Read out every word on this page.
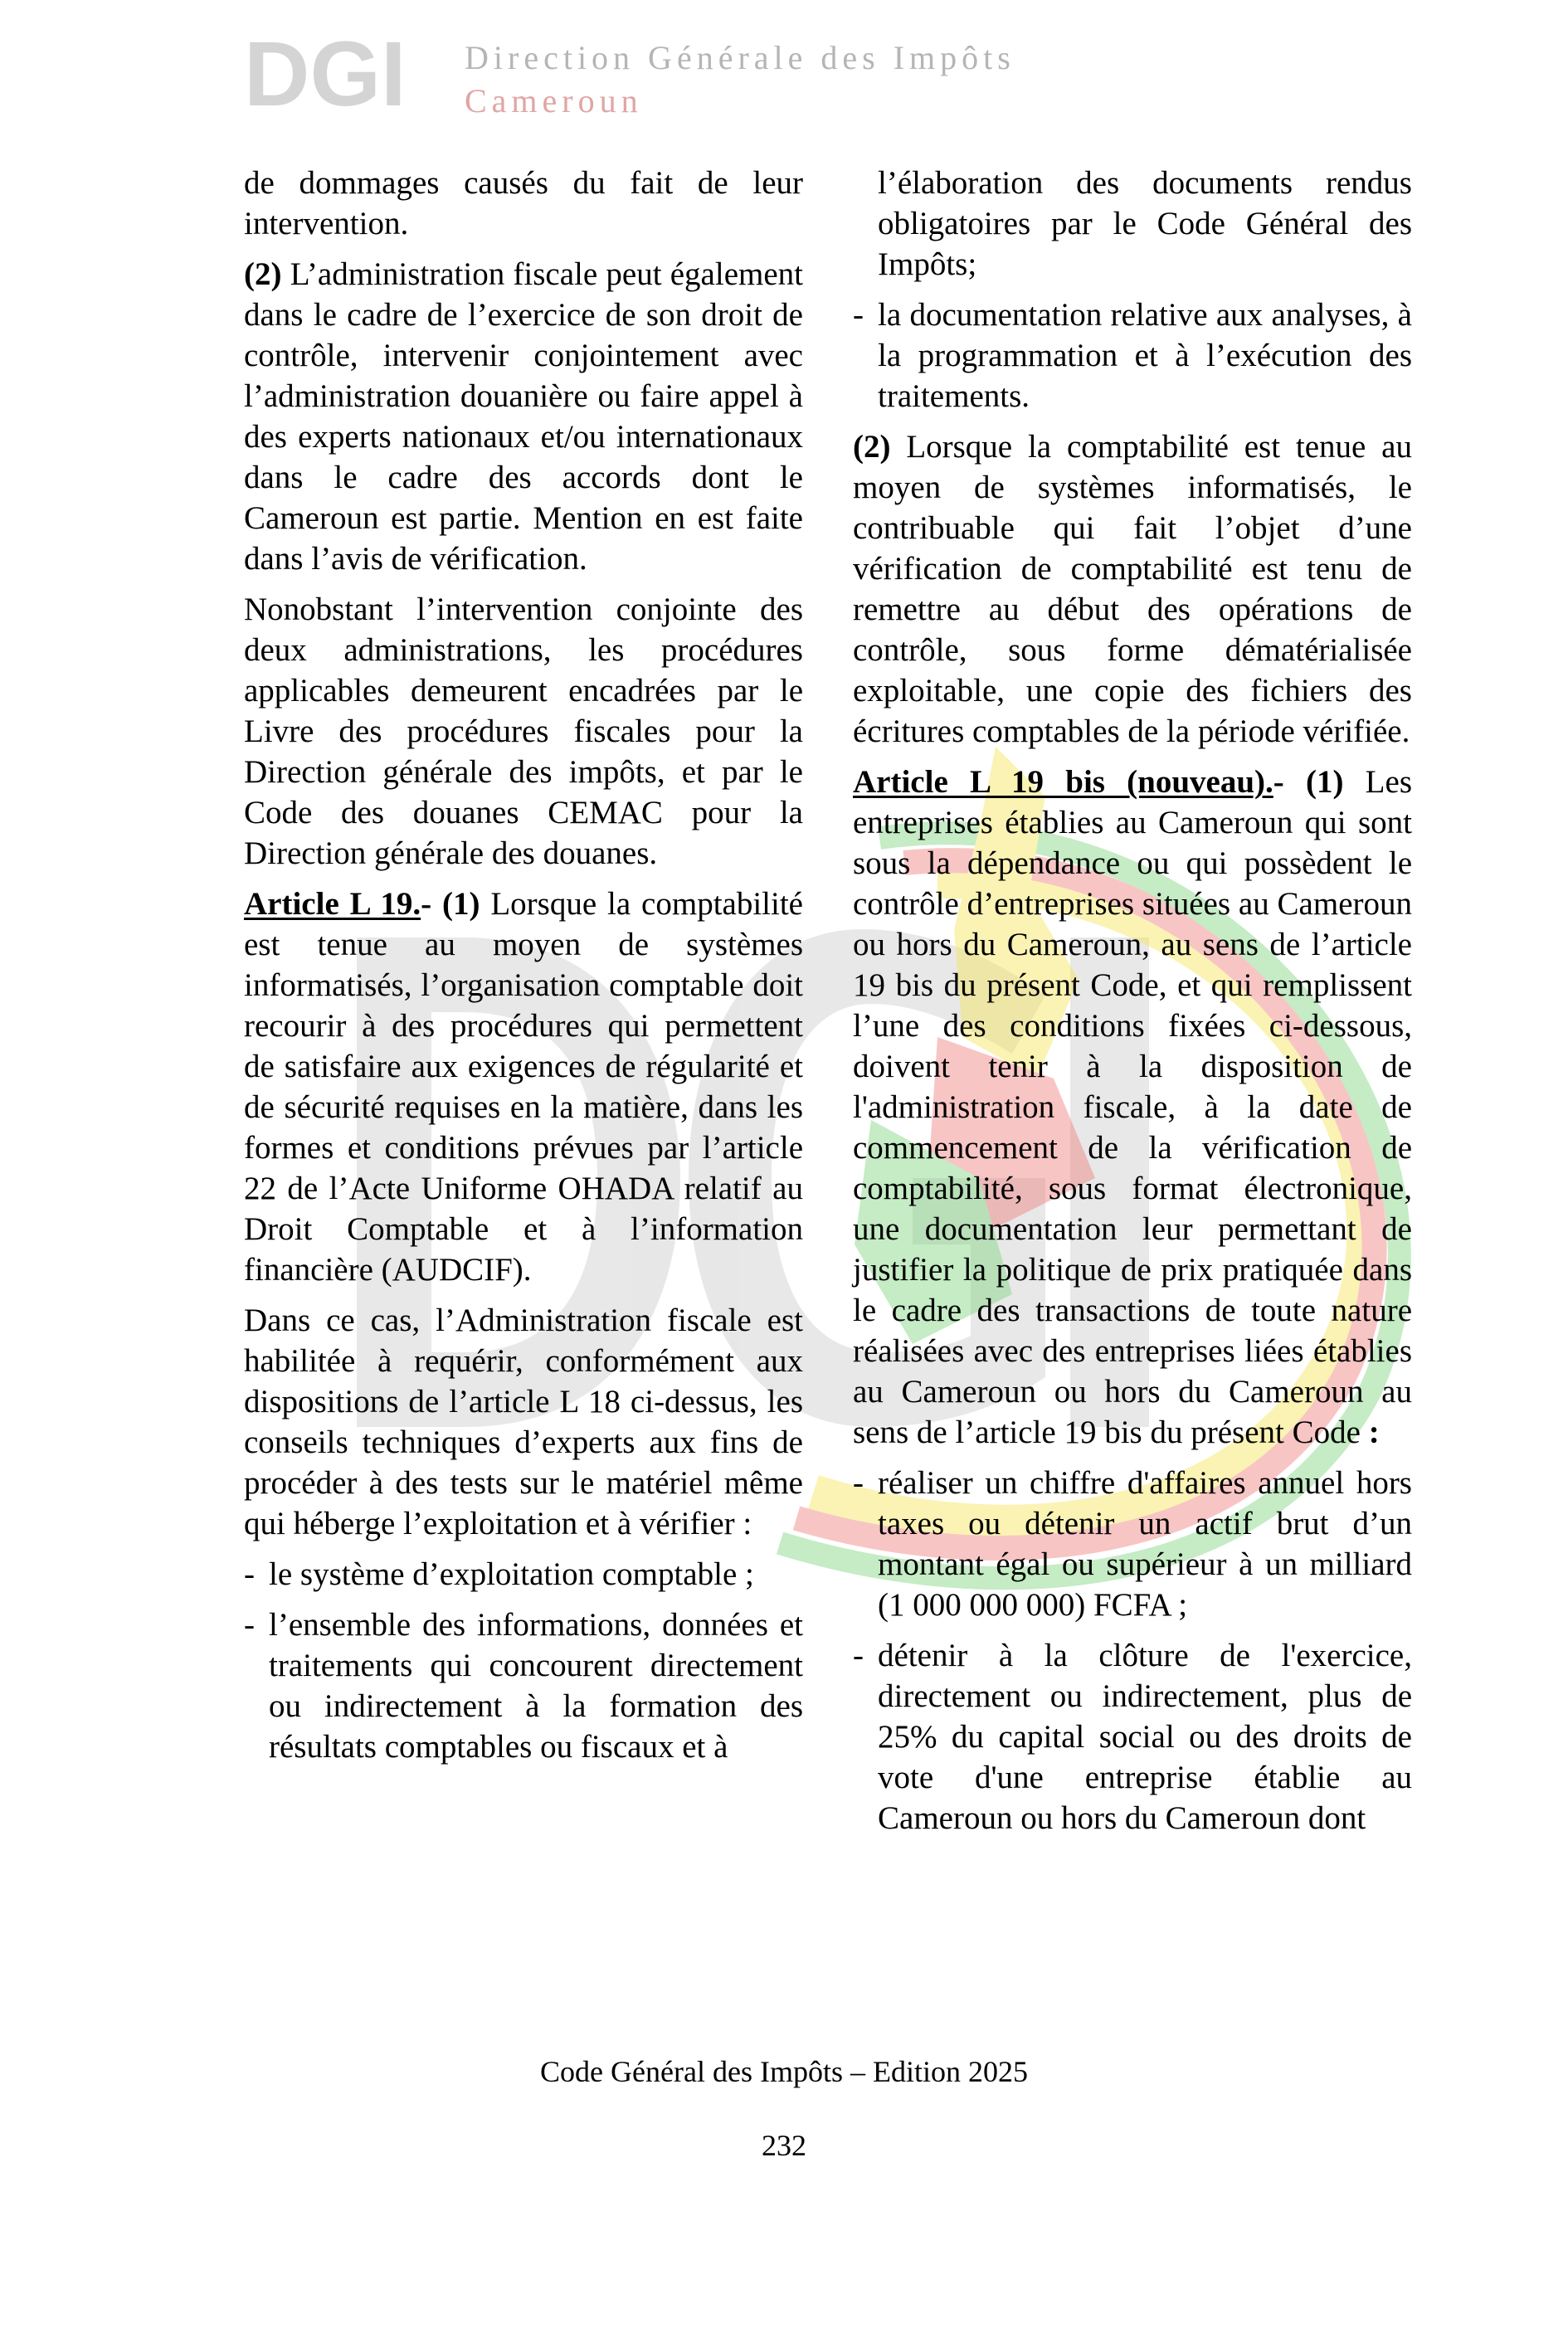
DGI Direction Générale des Impôts
Cameroun

de dommages causés du fait de leur intervention.

(2) L’administration fiscale peut également dans le cadre de l’exercice de son droit de contrôle, intervenir conjointement avec l’administration douanière ou faire appel à des experts nationaux et/ou internationaux dans le cadre des accords dont le Cameroun est partie. Mention en est faite dans l’avis de vérification.

Nonobstant l’intervention conjointe des deux administrations, les procédures applicables demeurent encadrées par le Livre des procédures fiscales pour la Direction générale des impôts, et par le Code des douanes CEMAC pour la Direction générale des douanes.

Article L 19.- (1) Lorsque la comptabilité est tenue au moyen de systèmes informatisés, l’organisation comptable doit recourir à des procédures qui permettent de satisfaire aux exigences de régularité et de sécurité requises en la matière, dans les formes et conditions prévues par l’article 22 de l’Acte Uniforme OHADA relatif au Droit Comptable et à l’information financière (AUDCIF).

Dans ce cas, l’Administration fiscale est habilitée à requérir, conformément aux dispositions de l’article L 18 ci-dessus, les conseils techniques d’experts aux fins de procéder à des tests sur le matériel même qui héberge l’exploitation et à vérifier :

- le système d’exploitation comptable ;
- l’ensemble des informations, données et traitements qui concourent directement ou indirectement à la formation des résultats comptables ou fiscaux et à

l’élaboration des documents rendus obligatoires par le Code Général des Impôts;

- la documentation relative aux analyses, à la programmation et à l’exécution des traitements.

(2) Lorsque la comptabilité est tenue au moyen de systèmes informatisés, le contribuable qui fait l’objet d’une vérification de comptabilité est tenu de remettre au début des opérations de contrôle, sous forme dématérialisée exploitable, une copie des fichiers des écritures comptables de la période vérifiée.

Article L 19 bis (nouveau).- (1) Les entreprises établies au Cameroun qui sont sous la dépendance ou qui possèdent le contrôle d’entreprises situées au Cameroun ou hors du Cameroun, au sens de l’article 19 bis du présent Code, et qui remplissent l’une des conditions fixées ci-dessous, doivent tenir à la disposition de l'administration fiscale, à la date de commencement de la vérification de comptabilité, sous format électronique, une documentation leur permettant de justifier la politique de prix pratiquée dans le cadre des transactions de toute nature réalisées avec des entreprises liées établies au Cameroun ou hors du Cameroun au sens de l’article 19 bis du présent Code :

- réaliser un chiffre d'affaires annuel hors taxes ou détenir un actif brut d’un montant égal ou supérieur à un milliard (1 000 000 000) FCFA ;
- détenir à la clôture de l'exercice, directement ou indirectement, plus de 25% du capital social ou des droits de vote d'une entreprise établie au Cameroun ou hors du Cameroun dont
Code Général des Impôts – Edition 2025
232
